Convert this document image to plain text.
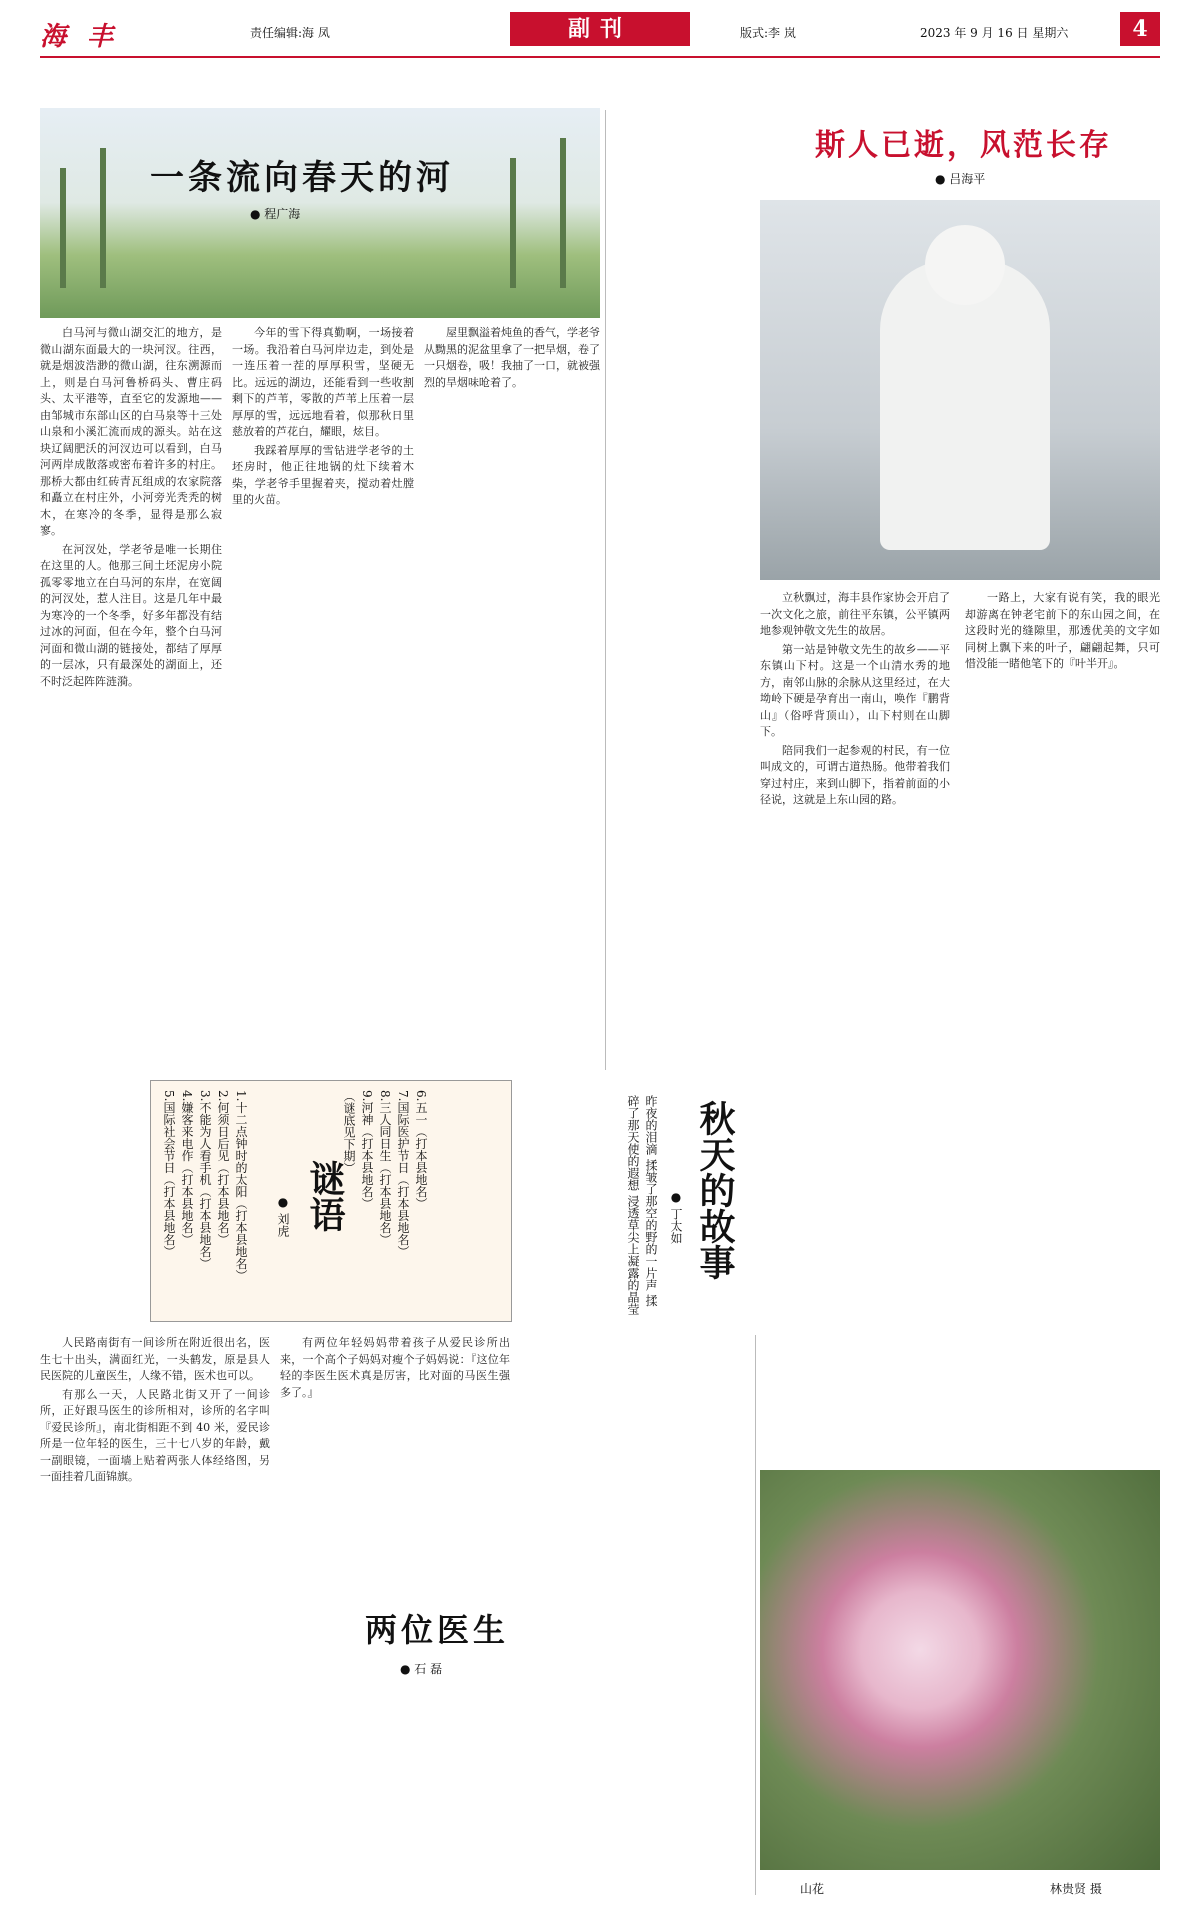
海 丰	责任编辑:海 凤	副刊	版式:李 岚	2023 年 9 月 16 日 星期六	4
一条流向春天的河
● 程广海

白马河与微山湖交汇的地方，是微山湖东面最大的一块河汊。往西，就是烟波浩渺的微山湖，往东溯源而上，则是白马河鲁桥码头、曹庄码头、太平港等，直至它的发源地——由邹城市东部山区的白马泉等十三处山泉和小溪汇流而成的源头。站在这块辽阔肥沃的河汊边可以看到，白马河两岸成散落或密布着许多的村庄。那桥大都由红砖青瓦组成的农家院落和矗立在村庄外，小河旁光秃秃的树木，在寒冷的冬季，显得是那么寂寥。

在河汊处，学老爷是唯一长期住在这里的人。他那三间土坯泥房小院孤零零地立在白马河的东岸，在宽阔的河汊处，惹人注目。这是几年中最为寒冷的一个冬季，好多年都没有结过冰的河面，但在今年，整个白马河河面和微山湖的链接处，都结了厚厚的一层冰，只有最深处的湖面上，还不时泛起阵阵涟漪。

今年的雪下得真勤啊，一场接着一场。我沿着白马河岸边走，到处是一连压着一茬的厚厚积雪，坚硬无比。远远的湖边，还能看到一些收割剩下的芦苇，零散的芦苇上压着一层厚厚的雪，远远地看着，似那秋日里慈放着的芦花白，耀眼，炫目。

我踩着厚厚的雪钻进学老爷的土坯房时，他正往地锅的灶下续着木柴，学老爷手里握着夹，搅动着灶膛里的火苗。

屋里飘溢着炖鱼的香气，学老爷从黝黑的泥盆里拿了一把旱烟，卷了一只烟卷，吸！我抽了一口，就被强烈的旱烟味呛着了。

斯人已逝，风范长存
● 吕海平

立秋飘过，海丰县作家协会开启了一次文化之旅，前往平东镇，公平镇两地参观钟敬文先生的故居。

第一站是钟敬文先生的故乡——平东镇山下村。这是一个山清水秀的地方，南邻山脉的余脉从这里经过，在大坳岭下硬是孕育出一南山，唤作『鹏背山』（俗呼背顶山），山下村则在山脚下。

陪同我们一起参观的村民，有一位叫成文的，可谓古道热肠。他带着我们穿过村庄，来到山脚下，指着前面的小径说，这就是上东山园的路。

一路上，大家有说有笑，我的眼光却游离在钟老宅前下的东山园之间，在这段时光的缝隙里，那透优美的文字如同树上飘下来的叶子，翩翩起舞，只可惜没能一睹他笔下的『叶半开』。

1.十二点钟时的太阳（打本县地名）
2.何须日后见（打本县地名）
3.不能为人看手机（打本县地名）
4.嫌客来电作（打本县地名）
5.国际社会节日（打本县地名）	6.五一（打本县地名）
7.国际医护节日（打本县地名）
8.三人同日生（打本县地名）
9.河神（打本县地名）
（谜底见下期）
谜语
● 刘虎	秋天的故事
● 丁太如
昨夜的泪滴 揉皱了那空的野的一片声 揉碎了那天使的遐想 浸透草尖上凝露的晶莹

人民路南街有一间诊所在附近很出名，医生七十出头，满面红光，一头鹤发，原是县人民医院的儿童医生，人缘不错，医术也可以。

有那么一天，人民路北街又开了一间诊所，正好跟马医生的诊所相对，诊所的名字叫『爱民诊所』，南北街相距不到 40 米，爱民诊所是一位年轻的医生，三十七八岁的年龄，戴一副眼镜，一面墙上贴着两张人体经络图，另一面挂着几面锦旗。

有两位年轻妈妈带着孩子从爱民诊所出来，一个高个子妈妈对瘦个子妈妈说：『这位年轻的李医生医术真是厉害，比对面的马医生强多了。』

两位医生
● 石 磊
山花	林贵贤 摄
